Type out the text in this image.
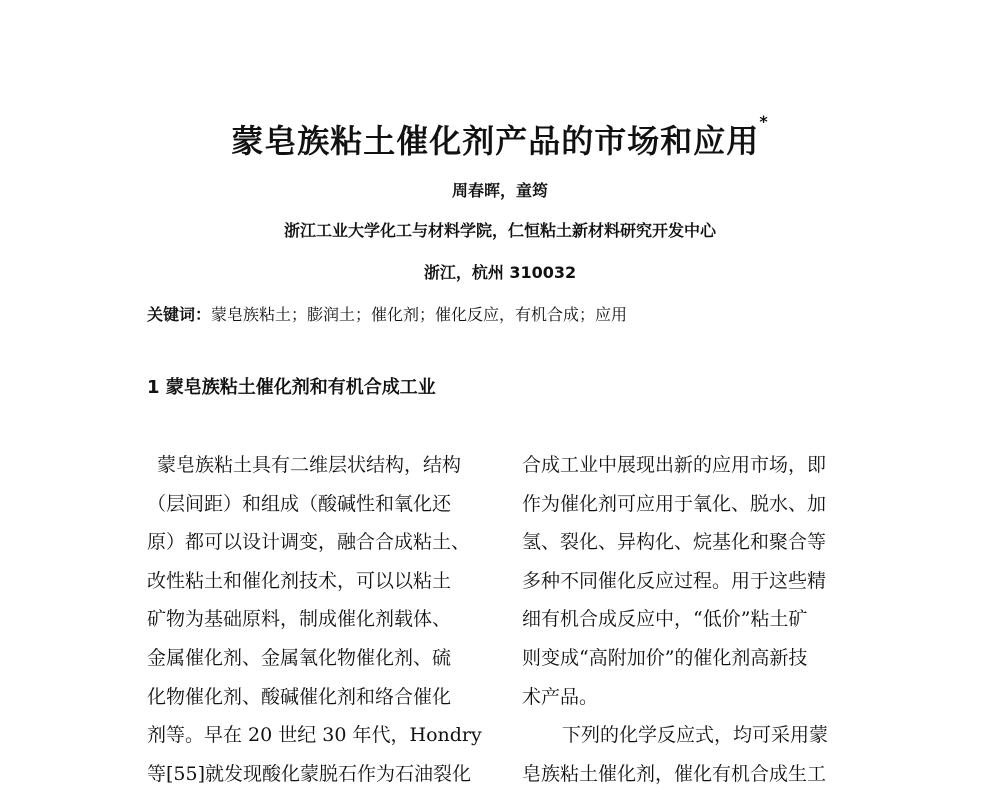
蒙皂族粘土催化剂产品的市场和应用*
周春晖，童筠
浙江工业大学化工与材料学院，仁恒粘土新材料研究开发中心
浙江，杭州 310032
关键词：蒙皂族粘土；膨润土；催化剂；催化反应，有机合成；应用
1 蒙皂族粘土催化剂和有机合成工业
蒙皂族粘土具有二维层状结构，结构
（层间距）和组成（酸碱性和氧化还
原）都可以设计调变，融合合成粘土、
改性粘土和催化剂技术，可以以粘土
矿物为基础原料，制成催化剂载体、
金属催化剂、金属氧化物催化剂、硫
化物催化剂、酸碱催化剂和络合催化
剂等。早在 20 世纪 30 年代，Hondry
等[55]就发现酸化蒙脱石作为石油裂化
合成工业中展现出新的应用市场，即
作为催化剂可应用于氧化、脱水、加
氢、裂化、异构化、烷基化和聚合等
多种不同催化反应过程。用于这些精
细有机合成反应中，“低价”粘土矿
则变成“高附加价”的催化剂高新技
术产品。
下列的化学反应式，均可采用蒙
皂族粘土催化剂，催化有机合成生工
